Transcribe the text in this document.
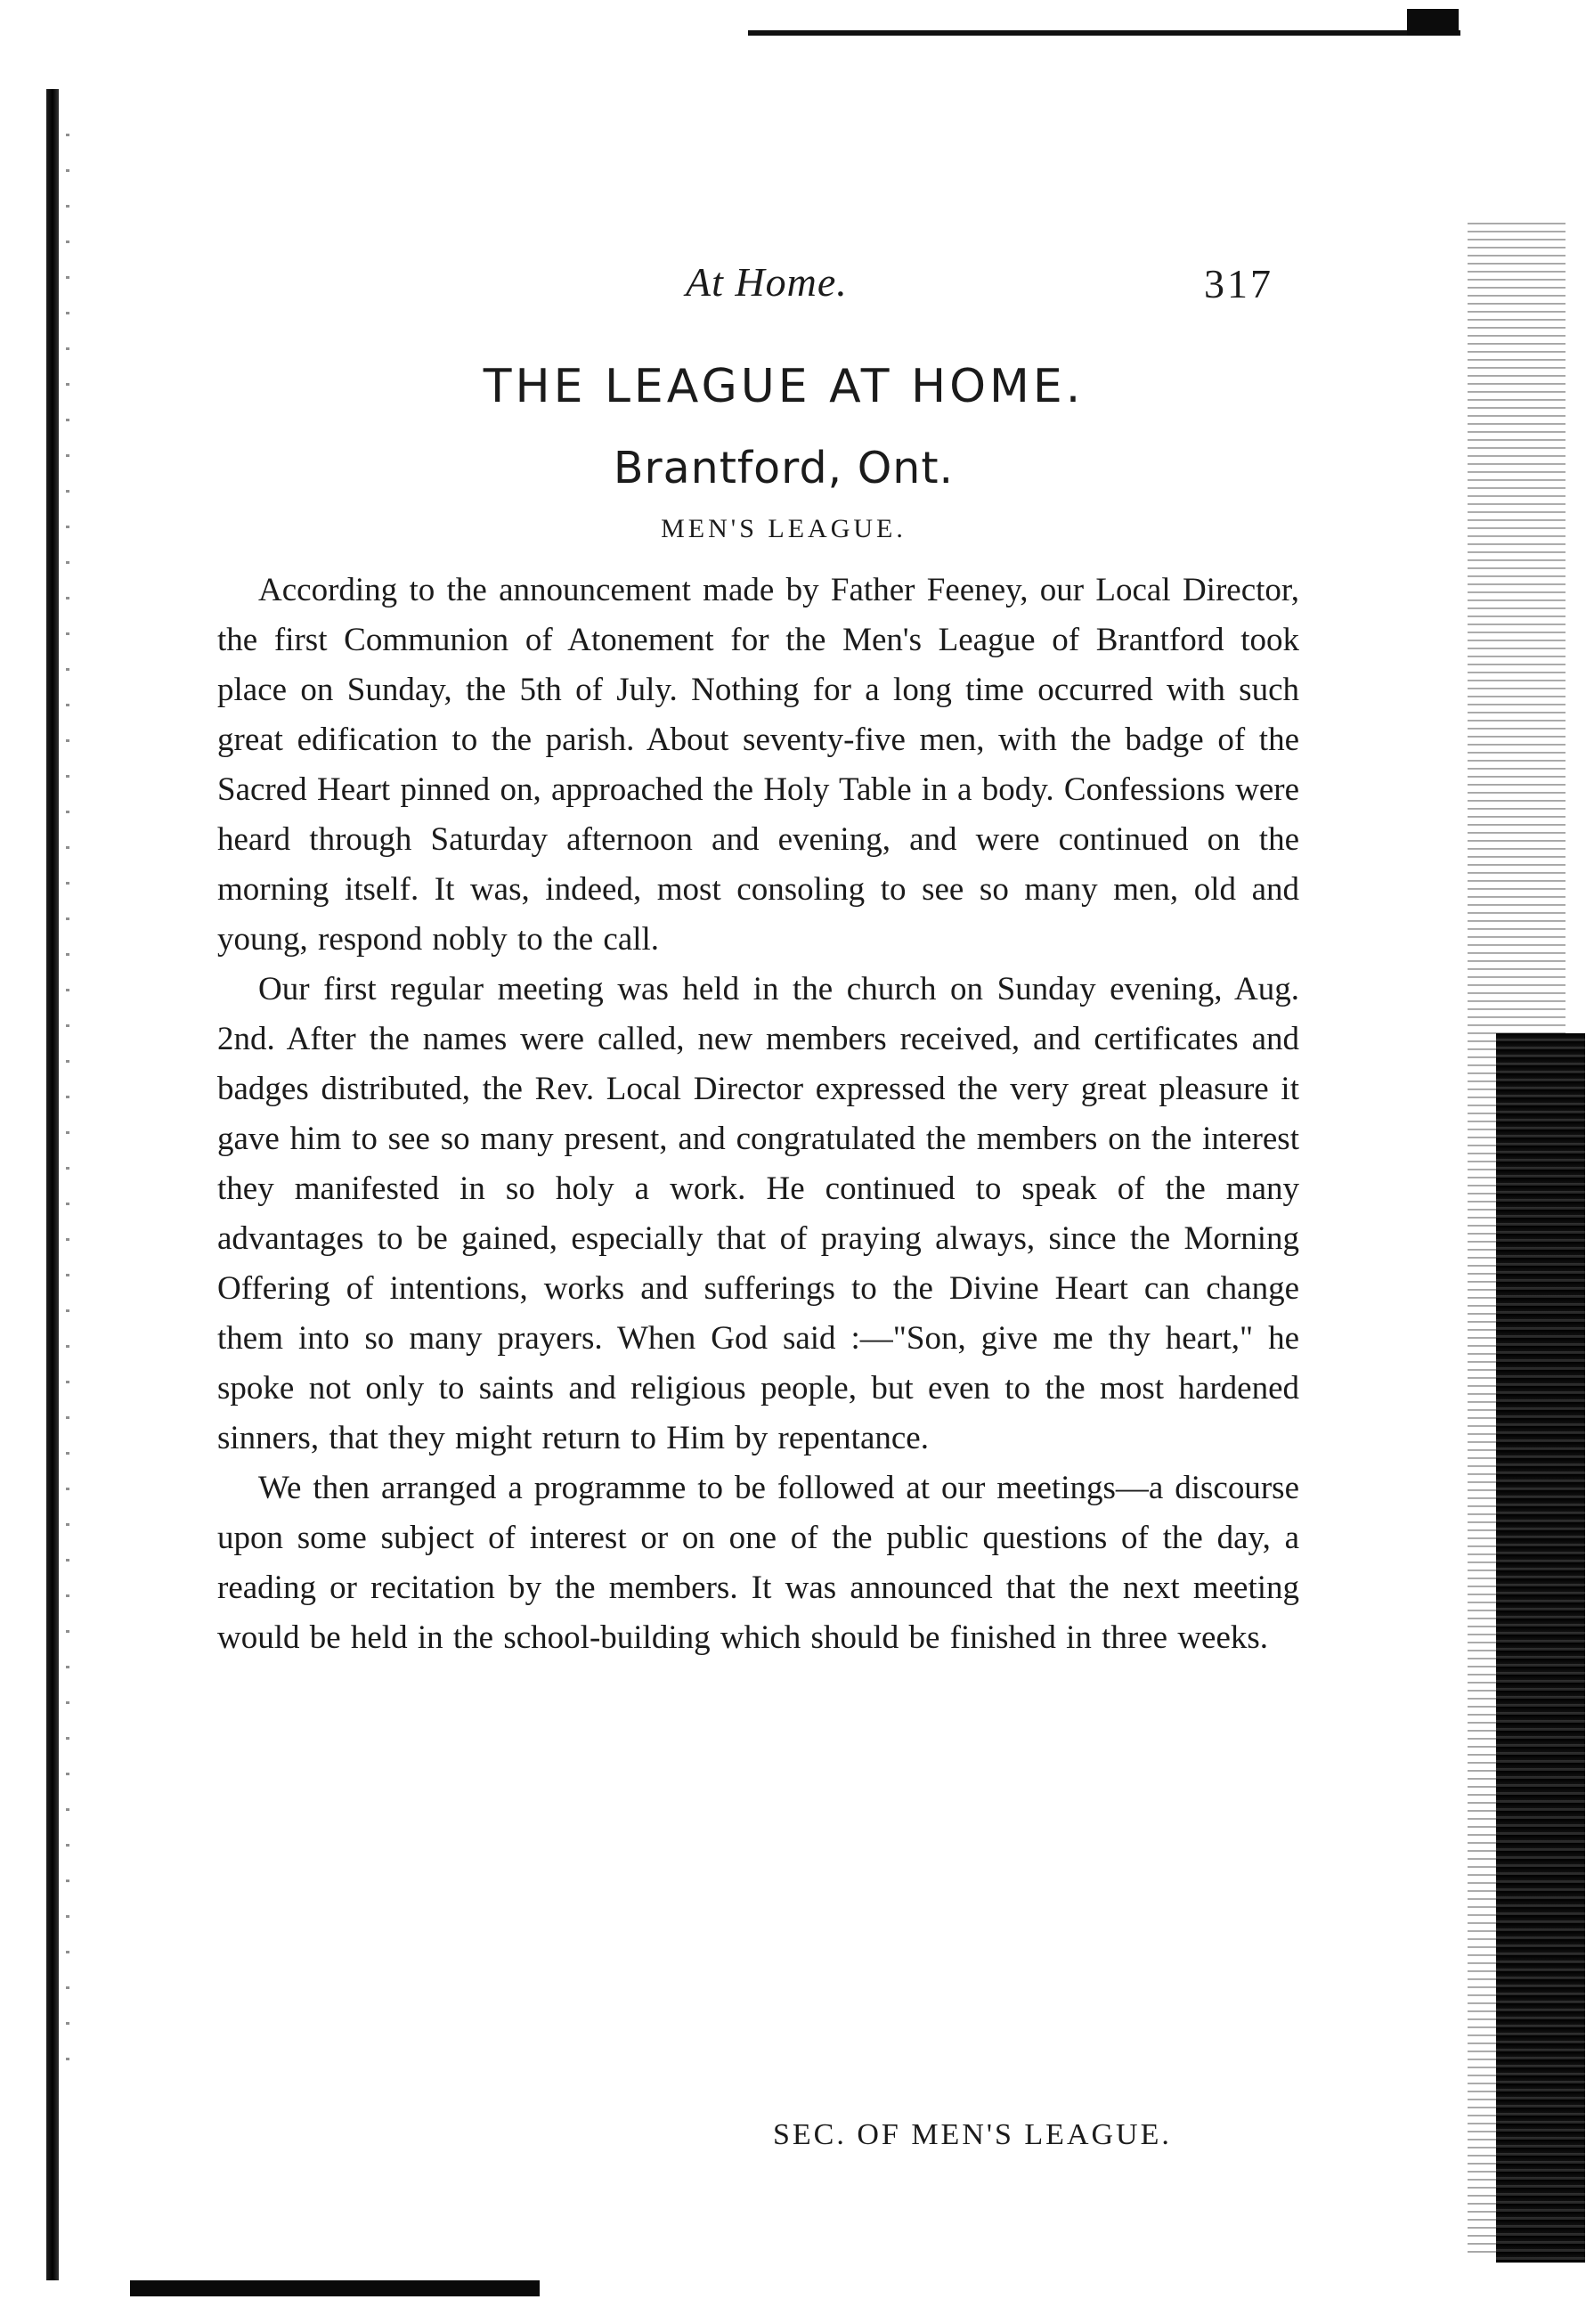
At Home.	317
THE LEAGUE AT HOME.
Brantford, Ont.
MEN'S LEAGUE.

According to the announcement made by Father Feeney, our Local Director, the first Communion of Atonement for the Men's League of Brantford took place on Sunday, the 5th of July. Nothing for a long time occurred with such great edification to the parish. About seventy-five men, with the badge of the Sacred Heart pinned on, approached the Holy Table in a body. Confessions were heard through Saturday afternoon and evening, and were continued on the morning itself. It was, indeed, most consoling to see so many men, old and young, respond nobly to the call.

Our first regular meeting was held in the church on Sunday evening, Aug. 2nd. After the names were called, new members received, and certificates and badges distributed, the Rev. Local Director expressed the very great pleasure it gave him to see so many present, and congratulated the members on the interest they manifested in so holy a work. He continued to speak of the many advantages to be gained, especially that of praying always, since the Morning Offering of intentions, works and sufferings to the Divine Heart can change them into so many prayers. When God said :—"Son, give me thy heart," he spoke not only to saints and religious people, but even to the most hardened sinners, that they might return to Him by repentance.

We then arranged a programme to be followed at our meetings—a discourse upon some subject of interest or on one of the public questions of the day, a reading or recitation by the members. It was announced that the next meeting would be held in the school-building which should be finished in three weeks.

SEC. OF MEN'S LEAGUE.
